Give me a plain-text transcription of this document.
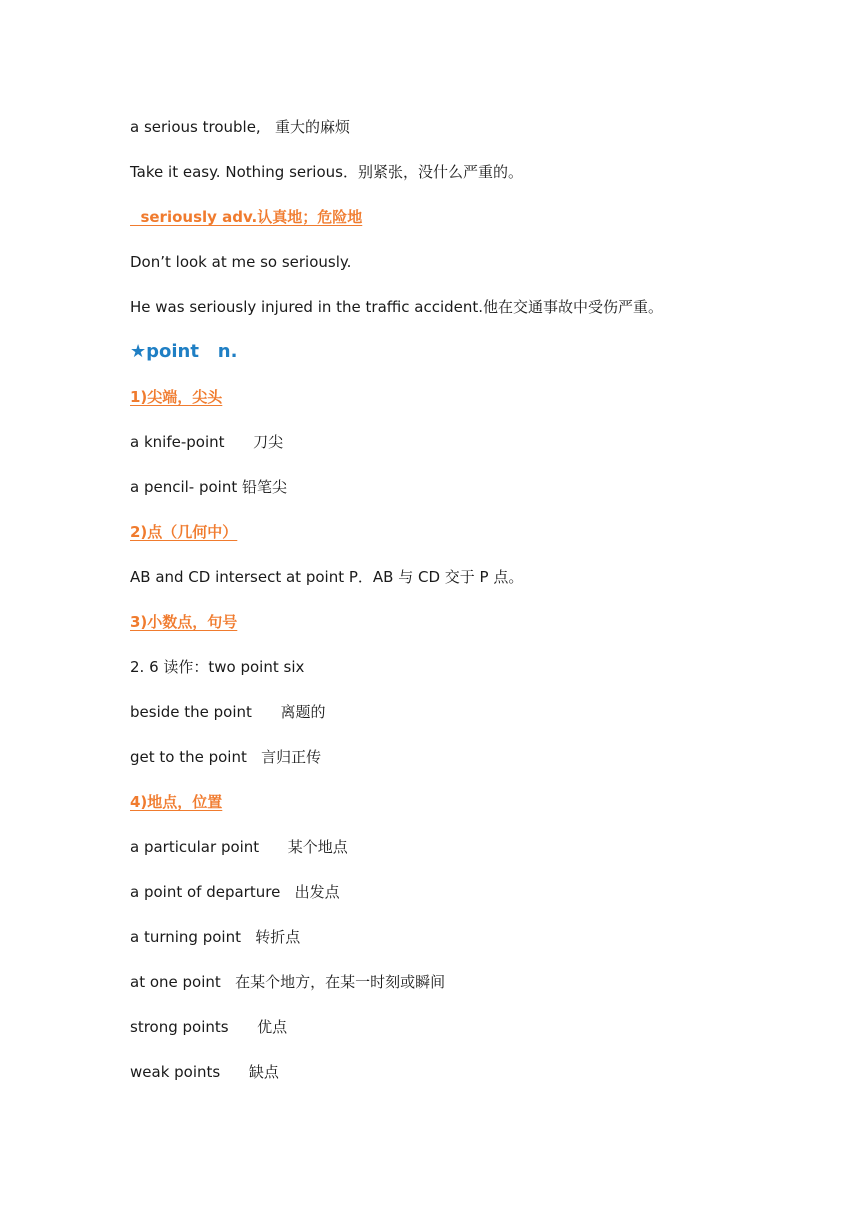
a serious trouble,   重大的麻烦
Take it easy. Nothing serious．别紧张，没什么严重的。
seriously adv.认真地；危险地
Don’t look at me so seriously.
He was seriously injured in the traffic accident.他在交通事故中受伤严重。
★point   n.
1)尖端，尖头
a knife-point      刀尖
a pencil- point 铅笔尖
2)点（几何中）
AB and CD intersect at point P．AB 与 CD 交于 P 点。
3)小数点，句号
2. 6 读作：two point six
beside the point      离题的
get to the point   言归正传
4)地点，位置
a particular point      某个地点
a point of departure   出发点
a turning point   转折点
at one point   在某个地方，在某一时刻或瞬间
strong points      优点
weak points      缺点
